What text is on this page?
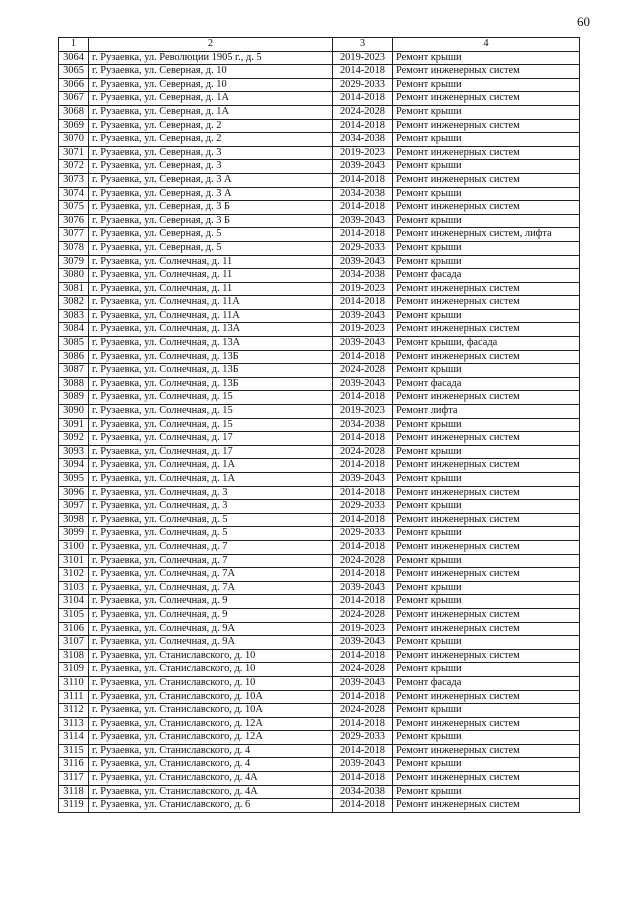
60
1	2	3	4
3064	г. Рузаевка, ул. Революции 1905 г., д. 5	2019-2023	Ремонт крыши
3065	г. Рузаевка, ул. Северная, д. 10	2014-2018	Ремонт инженерных систем
3066	г. Рузаевка, ул. Северная, д. 10	2029-2033	Ремонт крыши
3067	г. Рузаевка, ул. Северная, д. 1А	2014-2018	Ремонт инженерных систем
3068	г. Рузаевка, ул. Северная, д. 1А	2024-2028	Ремонт крыши
3069	г. Рузаевка, ул. Северная, д. 2	2014-2018	Ремонт инженерных систем
3070	г. Рузаевка, ул. Северная, д. 2	2034-2038	Ремонт крыши
3071	г. Рузаевка, ул. Северная, д. 3	2019-2023	Ремонт инженерных систем
3072	г. Рузаевка, ул. Северная, д. 3	2039-2043	Ремонт крыши
3073	г. Рузаевка, ул. Северная, д. 3 А	2014-2018	Ремонт инженерных систем
3074	г. Рузаевка, ул. Северная, д. 3 А	2034-2038	Ремонт крыши
3075	г. Рузаевка, ул. Северная, д. 3 Б	2014-2018	Ремонт инженерных систем
3076	г. Рузаевка, ул. Северная, д. 3 Б	2039-2043	Ремонт крыши
3077	г. Рузаевка, ул. Северная, д. 5	2014-2018	Ремонт инженерных систем, лифта
3078	г. Рузаевка, ул. Северная, д. 5	2029-2033	Ремонт крыши
3079	г. Рузаевка, ул. Солнечная, д. 11	2039-2043	Ремонт крыши
3080	г. Рузаевка, ул. Солнечная, д. 11	2034-2038	Ремонт фасада
3081	г. Рузаевка, ул. Солнечная, д. 11	2019-2023	Ремонт инженерных систем
3082	г. Рузаевка, ул. Солнечная, д. 11А	2014-2018	Ремонт инженерных систем
3083	г. Рузаевка, ул. Солнечная, д. 11А	2039-2043	Ремонт крыши
3084	г. Рузаевка, ул. Солнечная, д. 13А	2019-2023	Ремонт инженерных систем
3085	г. Рузаевка, ул. Солнечная, д. 13А	2039-2043	Ремонт крыши, фасада
3086	г. Рузаевка, ул. Солнечная, д. 13Б	2014-2018	Ремонт инженерных систем
3087	г. Рузаевка, ул. Солнечная, д. 13Б	2024-2028	Ремонт крыши
3088	г. Рузаевка, ул. Солнечная, д. 13Б	2039-2043	Ремонт фасада
3089	г. Рузаевка, ул. Солнечная, д. 15	2014-2018	Ремонт инженерных систем
3090	г. Рузаевка, ул. Солнечная, д. 15	2019-2023	Ремонт лифта
3091	г. Рузаевка, ул. Солнечная, д. 15	2034-2038	Ремонт крыши
3092	г. Рузаевка, ул. Солнечная, д. 17	2014-2018	Ремонт инженерных систем
3093	г. Рузаевка, ул. Солнечная, д. 17	2024-2028	Ремонт крыши
3094	г. Рузаевка, ул. Солнечная, д. 1А	2014-2018	Ремонт инженерных систем
3095	г. Рузаевка, ул. Солнечная, д. 1А	2039-2043	Ремонт крыши
3096	г. Рузаевка, ул. Солнечная, д. 3	2014-2018	Ремонт инженерных систем
3097	г. Рузаевка, ул. Солнечная, д. 3	2029-2033	Ремонт крыши
3098	г. Рузаевка, ул. Солнечная, д. 5	2014-2018	Ремонт инженерных систем
3099	г. Рузаевка, ул. Солнечная, д. 5	2029-2033	Ремонт крыши
3100	г. Рузаевка, ул. Солнечная, д. 7	2014-2018	Ремонт инженерных систем
3101	г. Рузаевка, ул. Солнечная, д. 7	2024-2028	Ремонт крыши
3102	г. Рузаевка, ул. Солнечная, д. 7А	2014-2018	Ремонт инженерных систем
3103	г. Рузаевка, ул. Солнечная, д. 7А	2039-2043	Ремонт крыши
3104	г. Рузаевка, ул. Солнечная, д. 9	2014-2018	Ремонт крыши
3105	г. Рузаевка, ул. Солнечная, д. 9	2024-2028	Ремонт инженерных систем
3106	г. Рузаевка, ул. Солнечная, д. 9А	2019-2023	Ремонт инженерных систем
3107	г. Рузаевка, ул. Солнечная, д. 9А	2039-2043	Ремонт крыши
3108	г. Рузаевка, ул. Станиславского, д. 10	2014-2018	Ремонт инженерных систем
3109	г. Рузаевка, ул. Станиславского, д. 10	2024-2028	Ремонт крыши
3110	г. Рузаевка, ул. Станиславского, д. 10	2039-2043	Ремонт фасада
3111	г. Рузаевка, ул. Станиславского, д. 10А	2014-2018	Ремонт инженерных систем
3112	г. Рузаевка, ул. Станиславского, д. 10А	2024-2028	Ремонт крыши
3113	г. Рузаевка, ул. Станиславского, д. 12А	2014-2018	Ремонт инженерных систем
3114	г. Рузаевка, ул. Станиславского, д. 12А	2029-2033	Ремонт крыши
3115	г. Рузаевка, ул. Станиславского, д. 4	2014-2018	Ремонт инженерных систем
3116	г. Рузаевка, ул. Станиславского, д. 4	2039-2043	Ремонт крыши
3117	г. Рузаевка, ул. Станиславского, д. 4А	2014-2018	Ремонт инженерных систем
3118	г. Рузаевка, ул. Станиславского, д. 4А	2034-2038	Ремонт крыши
3119	г. Рузаевка, ул. Станиславского, д. 6	2014-2018	Ремонт инженерных систем
